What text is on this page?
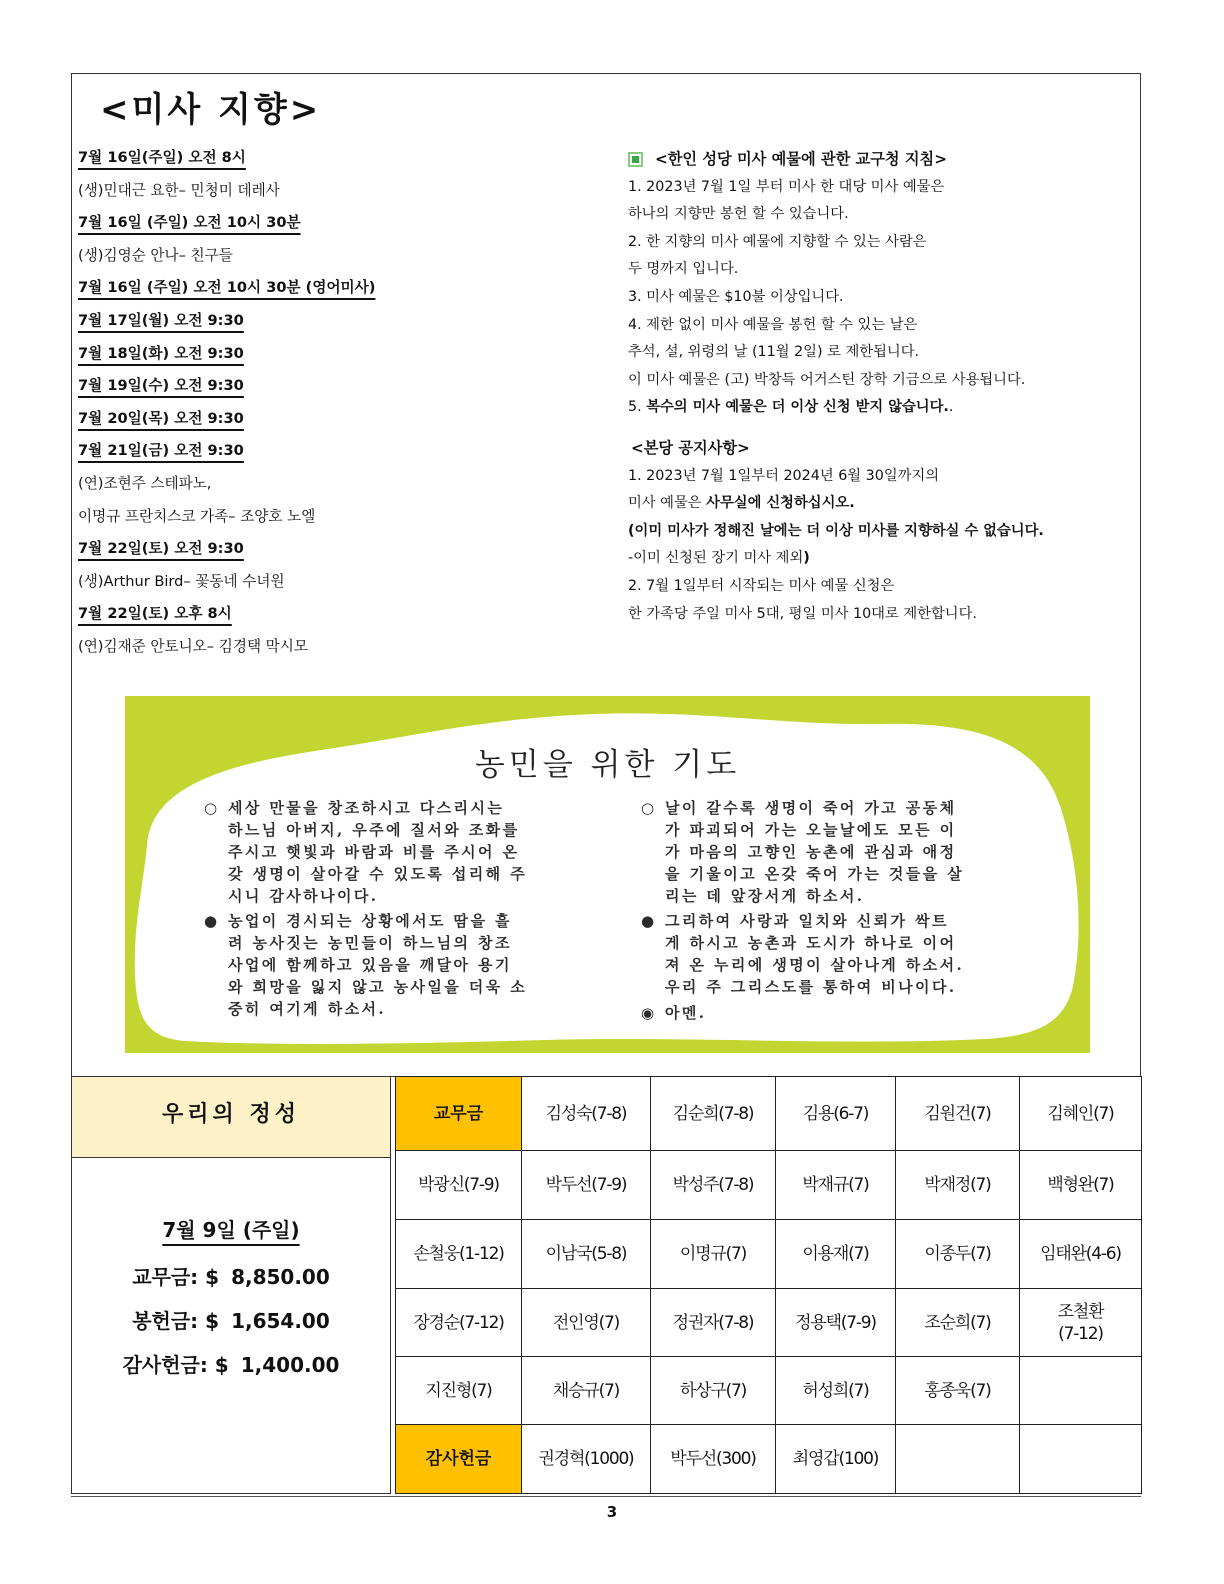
<미사 지향>
7월 16일(주일) 오전 8시
(생)민대근 요한– 민청미 데레사
7월 16일 (주일) 오전 10시 30분
(생)김영순 안나– 친구들
7월 16일 (주일) 오전 10시 30분 (영어미사)
7월 17일(월) 오전 9:30
7월 18일(화) 오전 9:30
7월 19일(수) 오전 9:30
7월 20일(목) 오전 9:30
7월 21일(금) 오전 9:30
(연)조현주 스테파노,
이명규 프란치스코 가족– 조양호 노엘
7월 22일(토) 오전 9:30
(생)Arthur Bird– 꽃동네 수녀원
7월 22일(토) 오후 8시
(연)김재준 안토니오– 김경택 막시모
<한인 성당 미사 예물에 관한 교구청 지침>
1. 2023년 7월 1일 부터 미사 한 대당 미사 예물은
하나의 지향만 봉헌 할 수 있습니다.
2. 한 지향의 미사 예물에 지향할 수 있는 사람은
두 명까지 입니다.
3. 미사 예물은 $10불 이상입니다.
4. 제한 없이 미사 예물을 봉헌 할 수 있는 날은
추석, 설, 위령의 날 (11월 2일) 로 제한됩니다.
이 미사 예물은 (고) 박창득 어거스틴 장학 기금으로 사용됩니다.
5. 복수의 미사 예물은 더 이상 신청 받지 않습니다..
<본당 공지사항>
1. 2023년 7월 1일부터 2024년 6월 30일까지의
미사 예물은 사무실에 신청하십시오.
(이미 미사가 정해진 날에는 더 이상 미사를 지향하실 수 없습니다.
-이미 신청된 장기 미사 제외)
2. 7월 1일부터 시작되는 미사 예물 신청은
한 가족당 주일 미사 5대, 평일 미사 10대로 제한합니다.
농민을 위한 기도
○ 세상 만물을 창조하시고 다스리시는
하느님 아버지, 우주에 질서와 조화를
주시고 햇빛과 바람과 비를 주시어 온
갖 생명이 살아갈 수 있도록 섭리해 주
시니 감사하나이다.
● 농업이 경시되는 상황에서도 땀을 흘
려 농사짓는 농민들이 하느님의 창조
사업에 함께하고 있음을 깨달아 용기
와 희망을 잃지 않고 농사일을 더욱 소
중히 여기게 하소서.
○ 날이 갈수록 생명이 죽어 가고 공동체
가 파괴되어 가는 오늘날에도 모든 이
가 마음의 고향인 농촌에 관심과 애정
을 기울이고 온갖 죽어 가는 것들을 살
리는 데 앞장서게 하소서.
● 그리하여 사랑과 일치와 신뢰가 싹트
게 하시고 농촌과 도시가 하나로 이어
져 온 누리에 생명이 살아나게 하소서.
우리 주 그리스도를 통하여 비나이다.
◉ 아멘.
우리의 정성
7월 9일 (주일)
교무금: $ 8,850.00
봉헌금: $ 1,654.00
감사헌금: $ 1,400.00
교무금	김성숙(7-8)	김순희(7-8)	김용(6-7)	김원건(7)	김혜인(7)
박광신(7-9)	박두선(7-9)	박성주(7-8)	박재규(7)	박재정(7)	백형완(7)
손철웅(1-12)	이남국(5-8)	이명규(7)	이용재(7)	이종두(7)	임태완(4-6)
장경순(7-12)	전인영(7)	정권자(7-8)	정용택(7-9)	조순희(7)	조철환
(7-12)
지진형(7)	채승규(7)	하상구(7)	허성희(7)	홍종욱(7)	
감사헌금	권경혁(1000)	박두선(300)	최영갑(100)		
3
